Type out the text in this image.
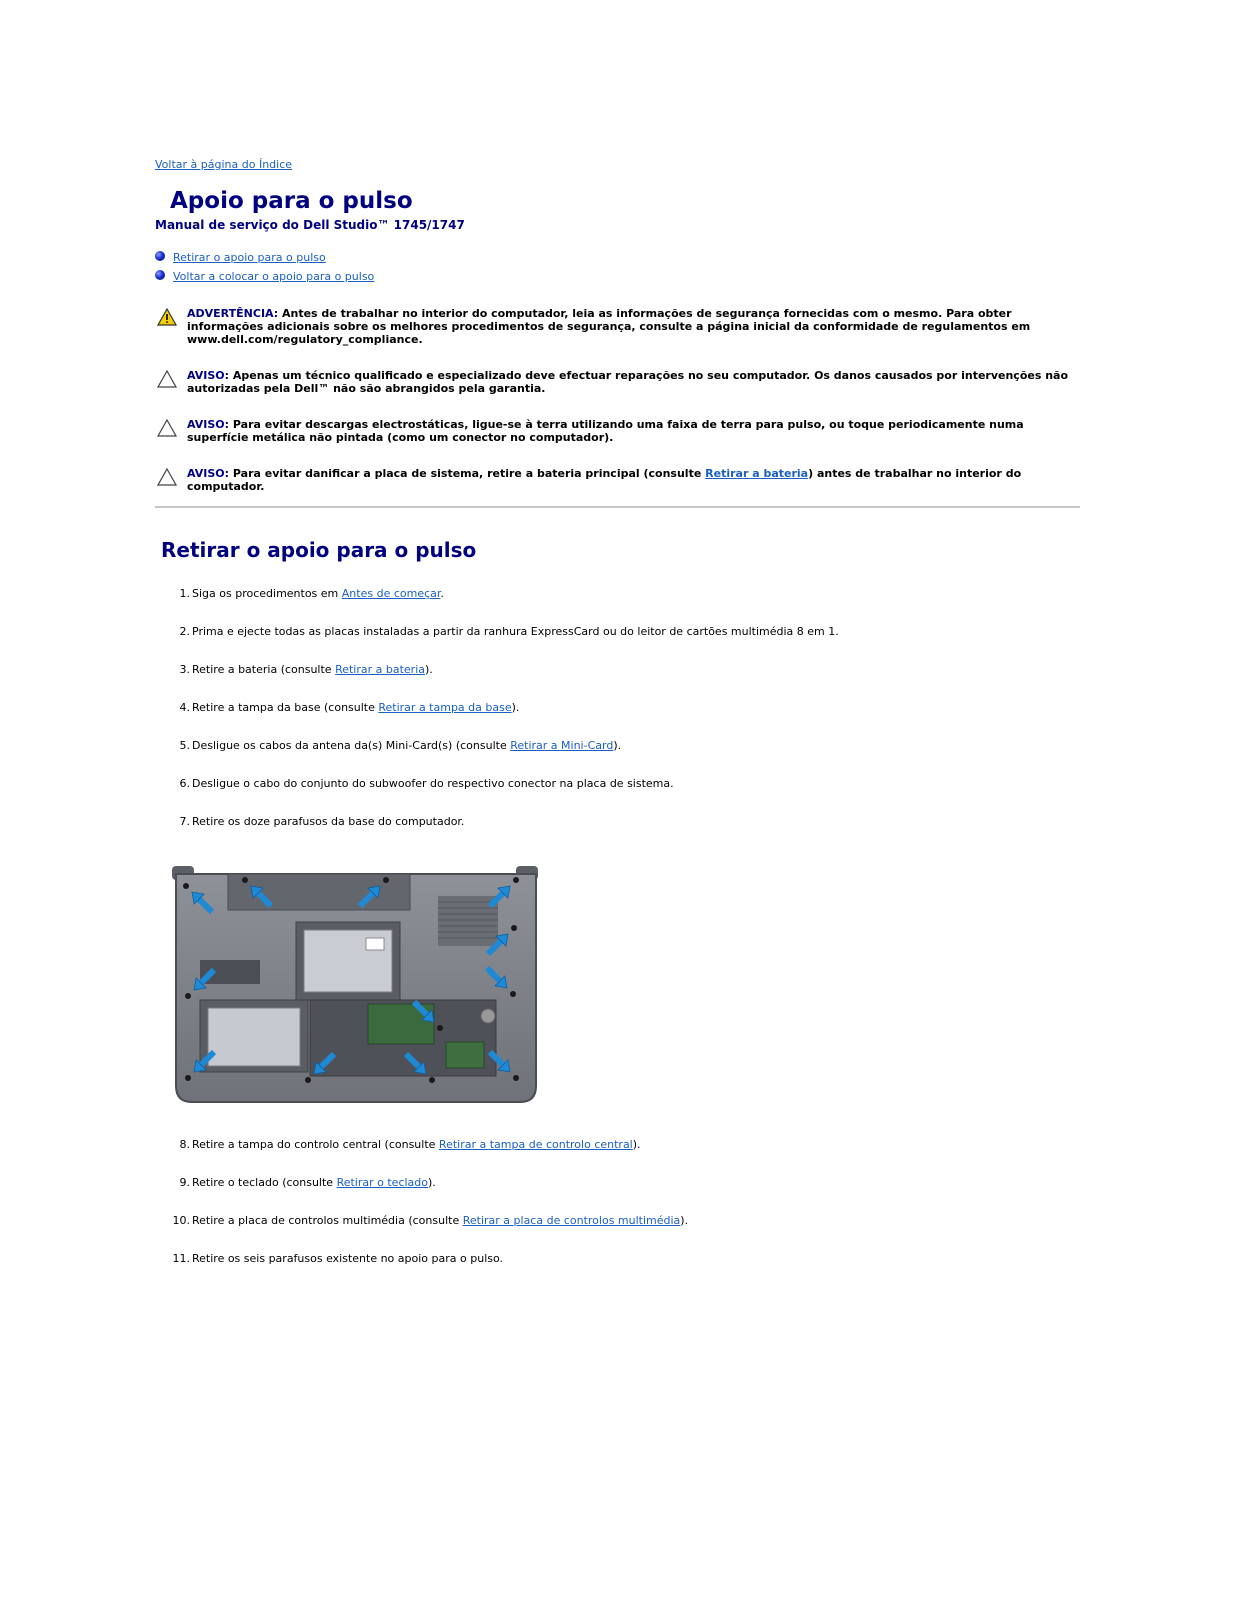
Voltar à página do Índice
Apoio para o pulso
Manual de serviço do Dell Studio™ 1745/1747
Retirar o apoio para o pulso
Voltar a colocar o apoio para o pulso
ADVERTÊNCIA: Antes de trabalhar no interior do computador, leia as informações de segurança fornecidas com o mesmo. Para obter informações adicionais sobre os melhores procedimentos de segurança, consulte a página inicial da conformidade de regulamentos em www.dell.com/regulatory_compliance.
AVISO: Apenas um técnico qualificado e especializado deve efectuar reparações no seu computador. Os danos causados por intervenções não autorizadas pela Dell™ não são abrangidos pela garantia.
AVISO: Para evitar descargas electrostáticas, ligue-se à terra utilizando uma faixa de terra para pulso, ou toque periodicamente numa superfície metálica não pintada (como um conector no computador).
AVISO: Para evitar danificar a placa de sistema, retire a bateria principal (consulte Retirar a bateria) antes de trabalhar no interior do computador.
Retirar o apoio para o pulso
1. Siga os procedimentos em Antes de começar.
2. Prima e ejecte todas as placas instaladas a partir da ranhura ExpressCard ou do leitor de cartões multimédia 8 em 1.
3. Retire a bateria (consulte Retirar a bateria).
4. Retire a tampa da base (consulte Retirar a tampa da base).
5. Desligue os cabos da antena da(s) Mini-Card(s) (consulte Retirar a Mini-Card).
6. Desligue o cabo do conjunto do subwoofer do respectivo conector na placa de sistema.
7. Retire os doze parafusos da base do computador.
8. Retire a tampa do controlo central (consulte Retirar a tampa de controlo central).
9. Retire o teclado (consulte Retirar o teclado).
10. Retire a placa de controlos multimédia (consulte Retirar a placa de controlos multimédia).
11. Retire os seis parafusos existente no apoio para o pulso.
